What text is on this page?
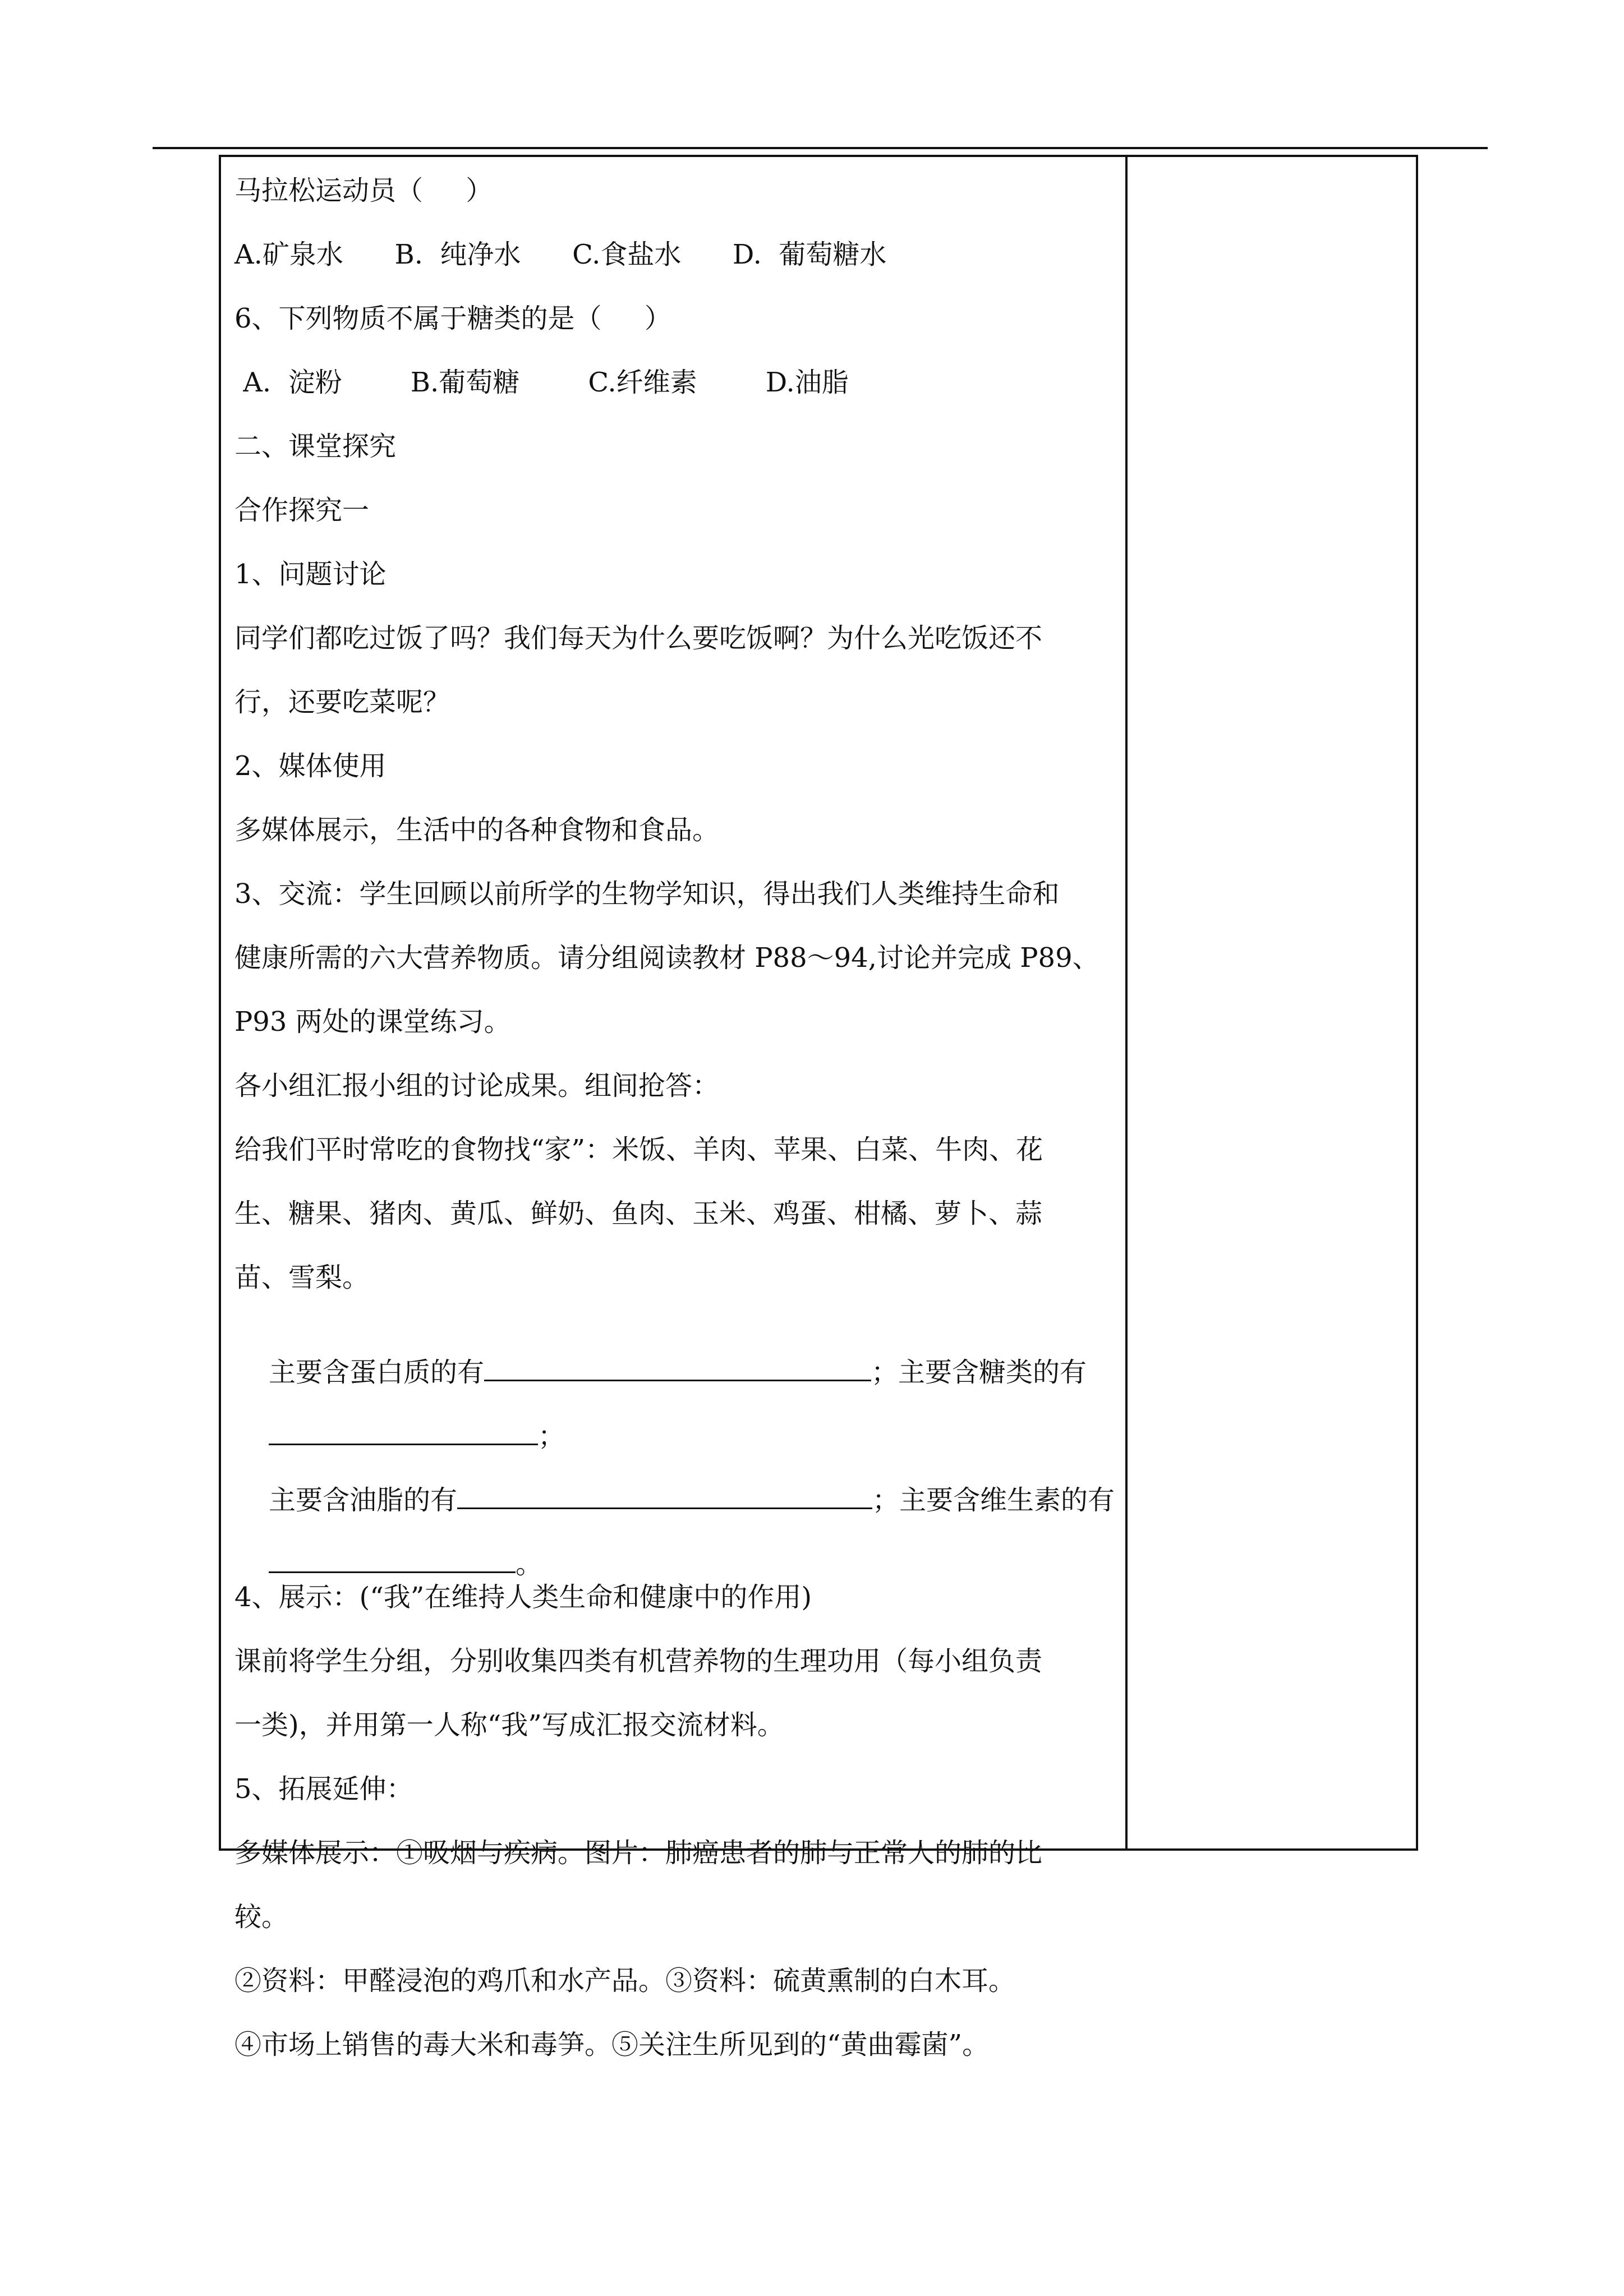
马拉松运动员（     ）
A.矿泉水      B.  纯净水      C.食盐水      D.  葡萄糖水
6、下列物质不属于糖类的是（     ）
A.  淀粉        B.葡萄糖        C.纤维素        D.油脂
二、课堂探究
合作探究一
1、问题讨论
同学们都吃过饭了吗？我们每天为什么要吃饭啊？为什么光吃饭还不
行，还要吃菜呢？
2、媒体使用
多媒体展示，生活中的各种食物和食品。
3、交流：学生回顾以前所学的生物学知识，得出我们人类维持生命和
健康所需的六大营养物质。请分组阅读教材 P88～94,讨论并完成 P89、
P93 两处的课堂练习。
各小组汇报小组的讨论成果。组间抢答：
给我们平时常吃的食物找“家”：米饭、羊肉、苹果、白菜、牛肉、花
生、糖果、猪肉、黄瓜、鲜奶、鱼肉、玉米、鸡蛋、柑橘、萝卜、蒜
苗、雪梨。

主要含蛋白质的有	；主要含糖类的有

；

主要含油脂的有	；主要含维生素的有

。

4、展示：(“我”在维持人类生命和健康中的作用)
课前将学生分组，分别收集四类有机营养物的生理功用（每小组负责
一类)，并用第一人称“我”写成汇报交流材料。
5、拓展延伸：
多媒体展示：①吸烟与疾病。图片：肺癌患者的肺与正常人的肺的比
较。
②资料：甲醛浸泡的鸡爪和水产品。③资料：硫黄熏制的白木耳。
④市场上销售的毒大米和毒笋。⑤关注生所见到的“黄曲霉菌”。
